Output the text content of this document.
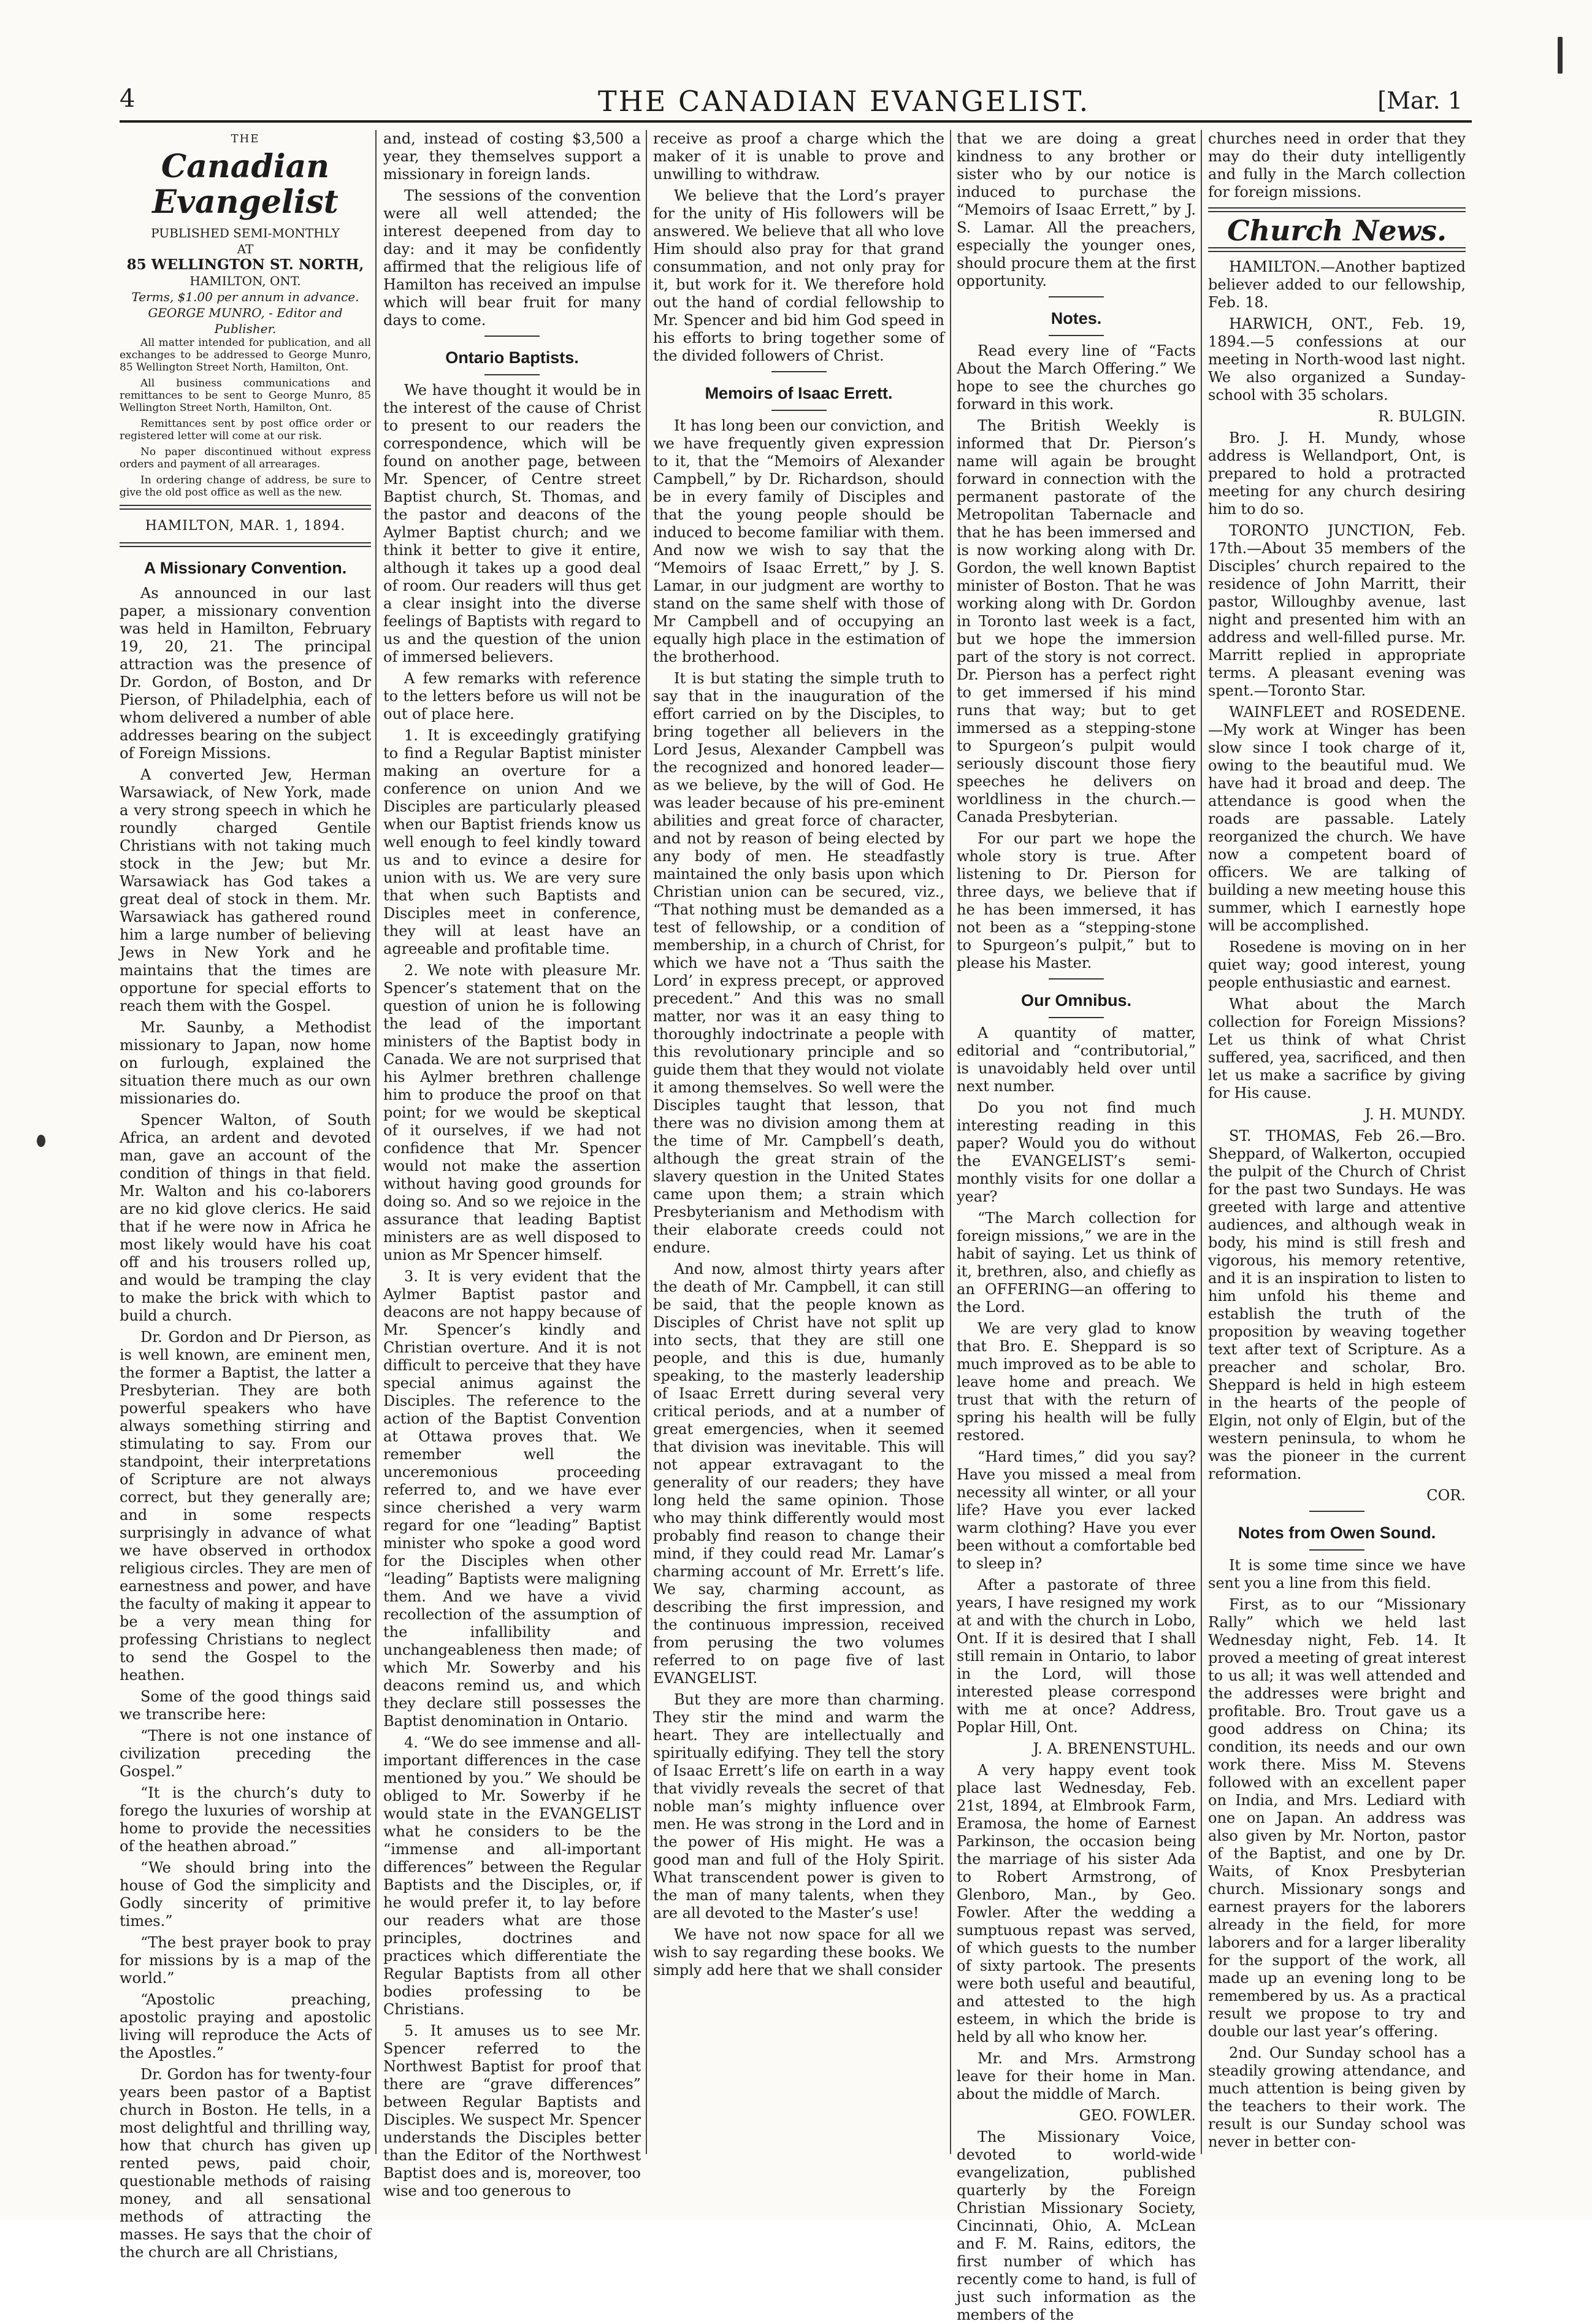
4	THE CANADIAN EVANGELIST.	[Mar. 1
THE
Canadian Evangelist
PUBLISHED SEMI-MONTHLY
AT
85 WELLINGTON ST. NORTH,
HAMILTON, ONT.
Terms, $1.00 per annum in advance.
GEORGE MUNRO, - Editor and Publisher.

All matter intended for publication, and all exchanges to be addressed to George Munro, 85 Wellington Street North, Hamilton, Ont.

All business communications and remittances to be sent to George Munro, 85 Wellington Street North, Hamilton, Ont.

Remittances sent by post office order or registered letter will come at our risk.

No paper discontinued without express orders and payment of all arrearages.

In ordering change of address, be sure to give the old post office as well as the new.

HAMILTON, MAR. 1, 1894.
A Missionary Convention.

As announced in our last paper, a missionary convention was held in Hamilton, February 19, 20, 21. The principal attraction was the presence of Dr. Gordon, of Boston, and Dr Pierson, of Philadelphia, each of whom delivered a number of able addresses bearing on the subject of Foreign Missions.

A converted Jew, Herman Warsawiack, of New York, made a very strong speech in which he roundly charged Gentile Christians with not taking much stock in the Jew; but Mr. Warsawiack has God takes a great deal of stock in them. Mr. Warsawiack has gathered round him a large number of believing Jews in New York and he maintains that the times are opportune for special efforts to reach them with the Gospel.

Mr. Saunby, a Methodist missionary to Japan, now home on furlough, explained the situation there much as our own missionaries do.

Spencer Walton, of South Africa, an ardent and devoted man, gave an account of the condition of things in that field. Mr. Walton and his co-laborers are no kid glove clerics. He said that if he were now in Africa he most likely would have his coat off and his trousers rolled up, and would be tramping the clay to make the brick with which to build a church.

Dr. Gordon and Dr Pierson, as is well known, are eminent men, the former a Baptist, the latter a Presbyterian. They are both powerful speakers who have always something stirring and stimulating to say. From our standpoint, their interpretations of Scripture are not always correct, but they generally are; and in some respects surprisingly in advance of what we have observed in orthodox religious circles. They are men of earnestness and power, and have the faculty of making it appear to be a very mean thing for professing Christians to neglect to send the Gospel to the heathen.

Some of the good things said we transcribe here:

“There is not one instance of civilization preceding the Gospel.”

“It is the church’s duty to forego the luxuries of worship at home to provide the necessities of the heathen abroad.”

“We should bring into the house of God the simplicity and Godly sincerity of primitive times.”

“The best prayer book to pray for missions by is a map of the world.”

“Apostolic preaching, apostolic praying and apostolic living will reproduce the Acts of the Apostles.”

Dr. Gordon has for twenty-four years been pastor of a Baptist church in Boston. He tells, in a most delightful and thrilling way, how that church has given up rented pews, paid choir, questionable methods of raising money, and all sensational methods of attracting the masses. He says that the choir of the church are all Christians,

and, instead of costing $3,500 a year, they themselves support a missionary in foreign lands.

The sessions of the convention were all well attended; the interest deepened from day to day: and it may be confidently affirmed that the religious life of Hamilton has received an impulse which will bear fruit for many days to come.

Ontario Baptists.

We have thought it would be in the interest of the cause of Christ to present to our readers the correspondence, which will be found on another page, between Mr. Spencer, of Centre street Baptist church, St. Thomas, and the pastor and deacons of the Aylmer Baptist church; and we think it better to give it entire, although it takes up a good deal of room. Our readers will thus get a clear insight into the diverse feelings of Baptists with regard to us and the question of the union of immersed believers.

A few remarks with reference to the letters before us will not be out of place here.

1. It is exceedingly gratifying to find a Regular Baptist minister making an overture for a conference on union And we Disciples are particularly pleased when our Baptist friends know us well enough to feel kindly toward us and to evince a desire for union with us. We are very sure that when such Baptists and Disciples meet in conference, they will at least have an agreeable and profitable time.

2. We note with pleasure Mr. Spencer’s statement that on the question of union he is following the lead of the important ministers of the Baptist body in Canada. We are not surprised that his Aylmer brethren challenge him to produce the proof on that point; for we would be skeptical of it ourselves, if we had not confidence that Mr. Spencer would not make the assertion without having good grounds for doing so. And so we rejoice in the assurance that leading Baptist ministers are as well disposed to union as Mr Spencer himself.

3. It is very evident that the Aylmer Baptist pastor and deacons are not happy because of Mr. Spencer’s kindly and Christian overture. And it is not difficult to perceive that they have special animus against the Disciples. The reference to the action of the Baptist Convention at Ottawa proves that. We remember well the unceremonious proceeding referred to, and we have ever since cherished a very warm regard for one “leading” Baptist minister who spoke a good word for the Disciples when other “leading” Baptists were maligning them. And we have a vivid recollection of the assumption of the infallibility and unchangeableness then made; of which Mr. Sowerby and his deacons remind us, and which they declare still possesses the Baptist denomination in Ontario.

4. “We do see immense and all-important differences in the case mentioned by you.” We should be obliged to Mr. Sowerby if he would state in the EVANGELIST what he considers to be the “immense and all-important differences” between the Regular Baptists and the Disciples, or, if he would prefer it, to lay before our readers what are those principles, doctrines and practices which differentiate the Regular Baptists from all other bodies professing to be Christians.

5. It amuses us to see Mr. Spencer referred to the Northwest Baptist for proof that there are “grave differences” between Regular Baptists and Disciples. We suspect Mr. Spencer understands the Disciples better than the Editor of the Northwest Baptist does and is, moreover, too wise and too generous to

receive as proof a charge which the maker of it is unable to prove and unwilling to withdraw.

We believe that the Lord’s prayer for the unity of His followers will be answered. We believe that all who love Him should also pray for that grand consummation, and not only pray for it, but work for it. We therefore hold out the hand of cordial fellowship to Mr. Spencer and bid him God speed in his efforts to bring together some of the divided followers of Christ.

Memoirs of Isaac Errett.

It has long been our conviction, and we have frequently given expression to it, that the “Memoirs of Alexander Campbell,” by Dr. Richardson, should be in every family of Disciples and that the young people should be induced to become familiar with them. And now we wish to say that the “Memoirs of Isaac Errett,” by J. S. Lamar, in our judgment are worthy to stand on the same shelf with those of Mr Campbell and of occupying an equally high place in the estimation of the brotherhood.

It is but stating the simple truth to say that in the inauguration of the effort carried on by the Disciples, to bring together all believers in the Lord Jesus, Alexander Campbell was the recognized and honored leader—as we believe, by the will of God. He was leader because of his pre-eminent abilities and great force of character, and not by reason of being elected by any body of men. He steadfastly maintained the only basis upon which Christian union can be secured, viz., “That nothing must be demanded as a test of fellowship, or a condition of membership, in a church of Christ, for which we have not a ‘Thus saith the Lord’ in express precept, or approved precedent.” And this was no small matter, nor was it an easy thing to thoroughly indoctrinate a people with this revolutionary principle and so guide them that they would not violate it among themselves. So well were the Disciples taught that lesson, that there was no division among them at the time of Mr. Campbell’s death, although the great strain of the slavery question in the United States came upon them; a strain which Presbyterianism and Methodism with their elaborate creeds could not endure.

And now, almost thirty years after the death of Mr. Campbell, it can still be said, that the people known as Disciples of Christ have not split up into sects, that they are still one people, and this is due, humanly speaking, to the masterly leadership of Isaac Errett during several very critical periods, and at a number of great emergencies, when it seemed that division was inevitable. This will not appear extravagant to the generality of our readers; they have long held the same opinion. Those who may think differently would most probably find reason to change their mind, if they could read Mr. Lamar’s charming account of Mr. Errett’s life. We say, charming account, as describing the first impression, and the continuous impression, received from perusing the two volumes referred to on page five of last EVANGELIST.

But they are more than charming. They stir the mind and warm the heart. They are intellectually and spiritually edifying. They tell the story of Isaac Errett’s life on earth in a way that vividly reveals the secret of that noble man’s mighty influence over men. He was strong in the Lord and in the power of His might. He was a good man and full of the Holy Spirit. What transcendent power is given to the man of many talents, when they are all devoted to the Master’s use!

We have not now space for all we wish to say regarding these books. We simply add here that we shall consider

that we are doing a great kindness to any brother or sister who by our notice is induced to purchase the “Memoirs of Isaac Errett,” by J. S. Lamar. All the preachers, especially the younger ones, should procure them at the first opportunity.

Notes.

Read every line of “Facts About the March Offering.” We hope to see the churches go forward in this work.

The British Weekly is informed that Dr. Pierson’s name will again be brought forward in connection with the permanent pastorate of the Metropolitan Tabernacle and that he has been immersed and is now working along with Dr. Gordon, the well known Baptist minister of Boston. That he was working along with Dr. Gordon in Toronto last week is a fact, but we hope the immersion part of the story is not correct. Dr. Pierson has a perfect right to get immersed if his mind runs that way; but to get immersed as a stepping-stone to Spurgeon’s pulpit would seriously discount those fiery speeches he delivers on worldliness in the church.—Canada Presbyterian.

For our part we hope the whole story is true. After listening to Dr. Pierson for three days, we believe that if he has been immersed, it has not been as a “stepping-stone to Spurgeon’s pulpit,” but to please his Master.

Our Omnibus.

A quantity of matter, editorial and “contributorial,” is unavoidably held over until next number.

Do you not find much interesting reading in this paper? Would you do without the EVANGELIST’s semi-monthly visits for one dollar a year?

“The March collection for foreign missions,” we are in the habit of saying. Let us think of it, brethren, also, and chiefly as an OFFERING—an offering to the Lord.

We are very glad to know that Bro. E. Sheppard is so much improved as to be able to leave home and preach. We trust that with the return of spring his health will be fully restored.

“Hard times,” did you say? Have you missed a meal from necessity all winter, or all your life? Have you ever lacked warm clothing? Have you ever been without a comfortable bed to sleep in?

After a pastorate of three years, I have resigned my work at and with the church in Lobo, Ont. If it is desired that I shall still remain in Ontario, to labor in the Lord, will those interested please correspond with me at once? Address, Poplar Hill, Ont.

J. A. BRENENSTUHL.

A very happy event took place last Wednesday, Feb. 21st, 1894, at Elmbrook Farm, Eramosa, the home of Earnest Parkinson, the occasion being the marriage of his sister Ada to Robert Armstrong, of Glenboro, Man., by Geo. Fowler. After the wedding a sumptuous repast was served, of which guests to the number of sixty partook. The presents were both useful and beautiful, and attested to the high esteem, in which the bride is held by all who know her.

Mr. and Mrs. Armstrong leave for their home in Man. about the middle of March.

GEO. FOWLER.

The Missionary Voice, devoted to world-wide evangelization, published quarterly by the Foreign Christian Missionary Society, Cincinnati, Ohio, A. McLean and F. M. Rains, editors, the first number of which has recently come to hand, is full of just such information as the members of the

churches need in order that they may do their duty intelligently and fully in the March collection for foreign missions.

Church News.

HAMILTON.—Another baptized believer added to our fellowship, Feb. 18.

HARWICH, ONT., Feb. 19, 1894.—5 confessions at our meeting in North-wood last night. We also organized a Sunday-school with 35 scholars.

R. BULGIN.

Bro. J. H. Mundy, whose address is Wellandport, Ont, is prepared to hold a protracted meeting for any church desiring him to do so.

TORONTO JUNCTION, Feb. 17th.—About 35 members of the Disciples’ church repaired to the residence of John Marritt, their pastor, Willoughby avenue, last night and presented him with an address and well-filled purse. Mr. Marritt replied in appropriate terms. A pleasant evening was spent.—Toronto Star.

WAINFLEET and ROSEDENE.—My work at Winger has been slow since I took charge of it, owing to the beautiful mud. We have had it broad and deep. The attendance is good when the roads are passable. Lately reorganized the church. We have now a competent board of officers. We are talking of building a new meeting house this summer, which I earnestly hope will be accomplished.

Rosedene is moving on in her quiet way; good interest, young people enthusiastic and earnest.

What about the March collection for Foreign Missions? Let us think of what Christ suffered, yea, sacrificed, and then let us make a sacrifice by giving for His cause.

J. H. MUNDY.

ST. THOMAS, Feb 26.—Bro. Sheppard, of Walkerton, occupied the pulpit of the Church of Christ for the past two Sundays. He was greeted with large and attentive audiences, and although weak in body, his mind is still fresh and vigorous, his memory retentive, and it is an inspiration to listen to him unfold his theme and establish the truth of the proposition by weaving together text after text of Scripture. As a preacher and scholar, Bro. Sheppard is held in high esteem in the hearts of the people of Elgin, not only of Elgin, but of the western peninsula, to whom he was the pioneer in the current reformation.

COR.

Notes from Owen Sound.

It is some time since we have sent you a line from this field.

First, as to our “Missionary Rally” which we held last Wednesday night, Feb. 14. It proved a meeting of great interest to us all; it was well attended and the addresses were bright and profitable. Bro. Trout gave us a good address on China; its condition, its needs and our own work there. Miss M. Stevens followed with an excellent paper on India, and Mrs. Lediard with one on Japan. An address was also given by Mr. Norton, pastor of the Baptist, and one by Dr. Waits, of Knox Presbyterian church. Missionary songs and earnest prayers for the laborers already in the field, for more laborers and for a larger liberality for the support of the work, all made up an evening long to be remembered by us. As a practical result we propose to try and double our last year’s offering.

2nd. Our Sunday school has a steadily growing attendance, and much attention is being given by the teachers to their work. The result is our Sunday school was never in better con-
